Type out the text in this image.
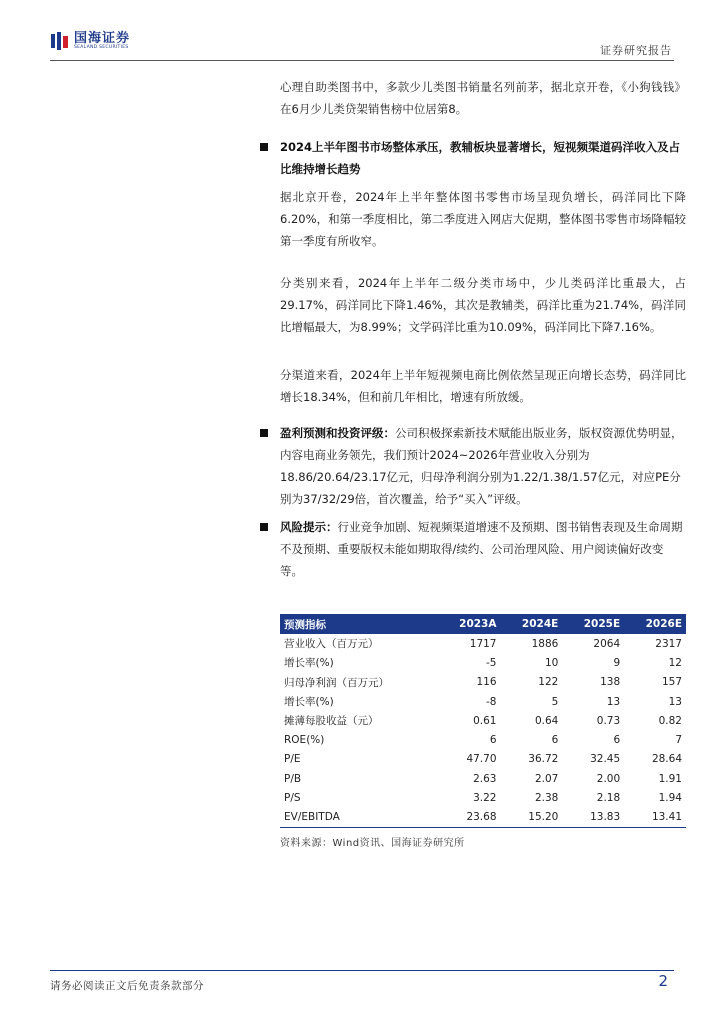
国海证券
SEALAND SECURITIES	证券研究报告
心理自助类图书中，多款少儿类图书销量名列前茅，据北京开卷，《小狗钱钱》在6月少儿类贷架销售榜中位居第8。
2024上半年图书市场整体承压，教辅板块显著增长，短视频渠道码洋收入及占比维持增长趋势
据北京开卷，2024年上半年整体图书零售市场呈现负增长，码洋同比下降6.20%，和第一季度相比，第二季度进入网店大促期，整体图书零售市场降幅较第一季度有所收窄。
分类别来看，2024年上半年二级分类市场中，少儿类码洋比重最大，占29.17%，码洋同比下降1.46%，其次是教辅类，码洋比重为21.74%，码洋同比增幅最大，为8.99%；文学码洋比重为10.09%，码洋同比下降7.16%。
分渠道来看，2024年上半年短视频电商比例依然呈现正向增长态势，码洋同比增长18.34%，但和前几年相比，增速有所放缓。
盈利预测和投资评级：公司积极探索新技术赋能出版业务，版权资源优势明显，内容电商业务领先，我们预计2024~2026年营业收入分别为18.86/20.64/23.17亿元，归母净利润分别为1.22/1.38/1.57亿元，对应PE分别为37/32/29倍，首次覆盖，给予“买入”评级。
风险提示：行业竞争加剧、短视频渠道增速不及预期、图书销售表现及生命周期不及预期、重要版权未能如期取得/续约、公司治理风险、用户阅读偏好改变等。
预测指标	2023A	2024E	2025E	2026E
营业收入（百万元）	1717	1886	2064	2317
增长率(%)	-5	10	9	12
归母净利润（百万元）	116	122	138	157
增长率(%)	-8	5	13	13
摊薄每股收益（元）	0.61	0.64	0.73	0.82
ROE(%)	6	6	6	7
P/E	47.70	36.72	32.45	28.64
P/B	2.63	2.07	2.00	1.91
P/S	3.22	2.38	2.18	1.94
EV/EBITDA	23.68	15.20	13.83	13.41
资料来源：Wind资讯、国海证券研究所
请务必阅读正文后免责条款部分	2
